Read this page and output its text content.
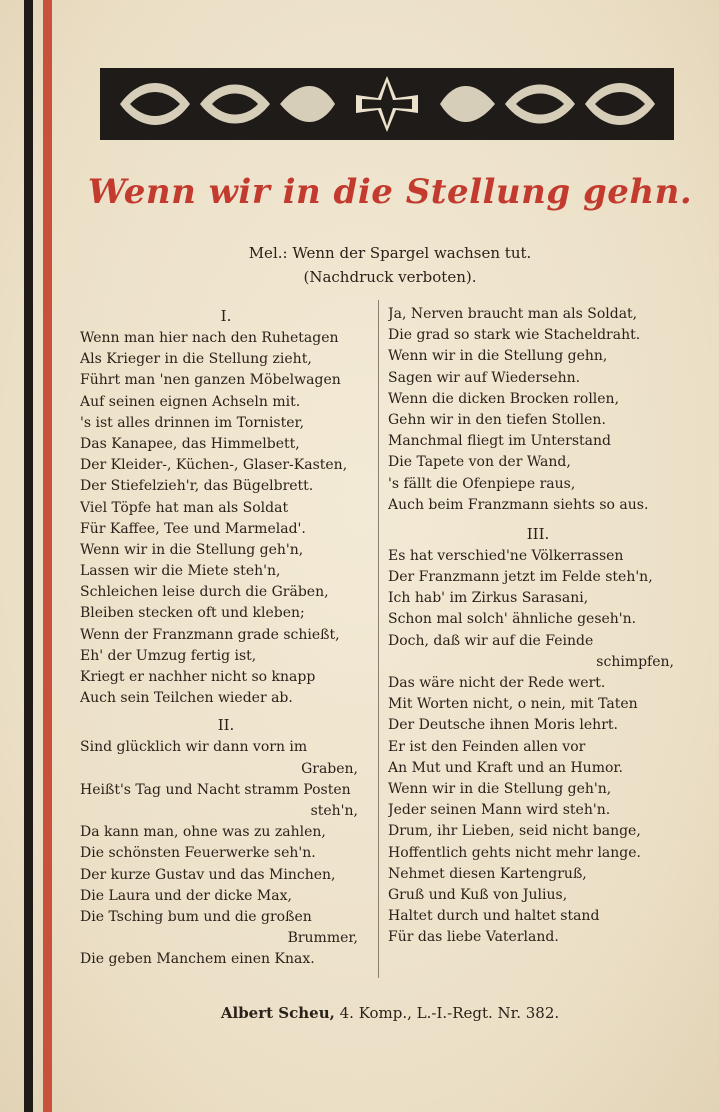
Wenn wir in die Stellung gehn.
Mel.: Wenn der Spargel wachsen tut.
(Nachdruck verboten).
I.
Wenn man hier nach den Ruhetagen
Als Krieger in die Stellung zieht,
Führt man 'nen ganzen Möbelwagen
Auf seinen eignen Achseln mit.
's ist alles drinnen im Tornister,
Das Kanapee, das Himmelbett,
Der Kleider-, Küchen-, Glaser-Kasten,
Der Stiefelzieh'r, das Bügelbrett.
Viel Töpfe hat man als Soldat
Für Kaffee, Tee und Marmelad'.
Wenn wir in die Stellung geh'n,
Lassen wir die Miete steh'n,
Schleichen leise durch die Gräben,
Bleiben stecken oft und kleben;
Wenn der Franzmann grade schießt,
Eh' der Umzug fertig ist,
Kriegt er nachher nicht so knapp
Auch sein Teilchen wieder ab.
II.
Sind glücklich wir dann vorn im
Graben,
Heißt's Tag und Nacht stramm Posten
steh'n,
Da kann man, ohne was zu zahlen,
Die schönsten Feuerwerke seh'n.
Der kurze Gustav und das Minchen,
Die Laura und der dicke Max,
Die Tsching bum und die großen
Brummer,
Die geben Manchem einen Knax.
Ja, Nerven braucht man als Soldat,
Die grad so stark wie Stacheldraht.
Wenn wir in die Stellung gehn,
Sagen wir auf Wiedersehn.
Wenn die dicken Brocken rollen,
Gehn wir in den tiefen Stollen.
Manchmal fliegt im Unterstand
Die Tapete von der Wand,
's fällt die Ofenpiepe raus,
Auch beim Franzmann siehts so aus.
III.
Es hat verschied'ne Völkerrassen
Der Franzmann jetzt im Felde steh'n,
Ich hab' im Zirkus Sarasani,
Schon mal solch' ähnliche geseh'n.
Doch, daß wir auf die Feinde
schimpfen,
Das wäre nicht der Rede wert.
Mit Worten nicht, o nein, mit Taten
Der Deutsche ihnen Moris lehrt.
Er ist den Feinden allen vor
An Mut und Kraft und an Humor.
Wenn wir in die Stellung geh'n,
Jeder seinen Mann wird steh'n.
Drum, ihr Lieben, seid nicht bange,
Hoffentlich gehts nicht mehr lange.
Nehmet diesen Kartengruß,
Gruß und Kuß von Julius,
Haltet durch und haltet stand
Für das liebe Vaterland.
Albert Scheu, 4. Komp., L.-I.-Regt. Nr. 382.
